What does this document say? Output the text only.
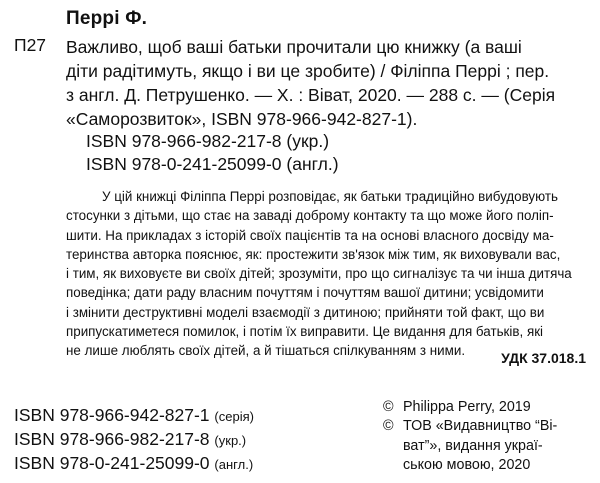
Перрі Ф.
П27 Важливо, щоб ваші батьки прочитали цю книжку (а ваші
діти радітимуть, якщо і ви це зробите) / Філіппа Перрі ; пер.
з англ. Д. Петрушенко. — Х. : Віват, 2020. — 288 с. — (Серія
«Саморозвиток», ISBN 978-966-942-827-1).
ISBN 978-966-982-217-8 (укр.)
ISBN 978-0-241-25099-0 (англ.)
У цій книжці Філіппа Перрі розповідає, як батьки традиційно вибудовують
стосунки з дітьми, що стає на заваді доброму контакту та що може його поліп-
шити. На прикладах з історій своїх пацієнтів та на основі власного досвіду ма-
теринства авторка пояснює, як: простежити зв'язок між тим, як виховували вас,
і тим, як виховуєте ви своїх дітей; зрозуміти, про що сигналізує та чи інша дитяча
поведінка; дати раду власним почуттям і почуттям вашої дитини; усвідомити
і змінити деструктивні моделі взаємодії з дитиною; прийняти той факт, що ви
припускатиметеся помилок, і потім їх виправити. Це видання для батьків, які
не лише люблять своїх дітей, а й тішаться спілкуванням з ними.	УДК 37.018.1
ISBN 978-966-942-827-1 (серія)
ISBN 978-966-982-217-8 (укр.)
ISBN 978-0-241-25099-0 (англ.)
© Philippa Perry, 2019
© ТОВ «Видавництво “Ві-
ват”», видання украї-
ською мовою, 2020
